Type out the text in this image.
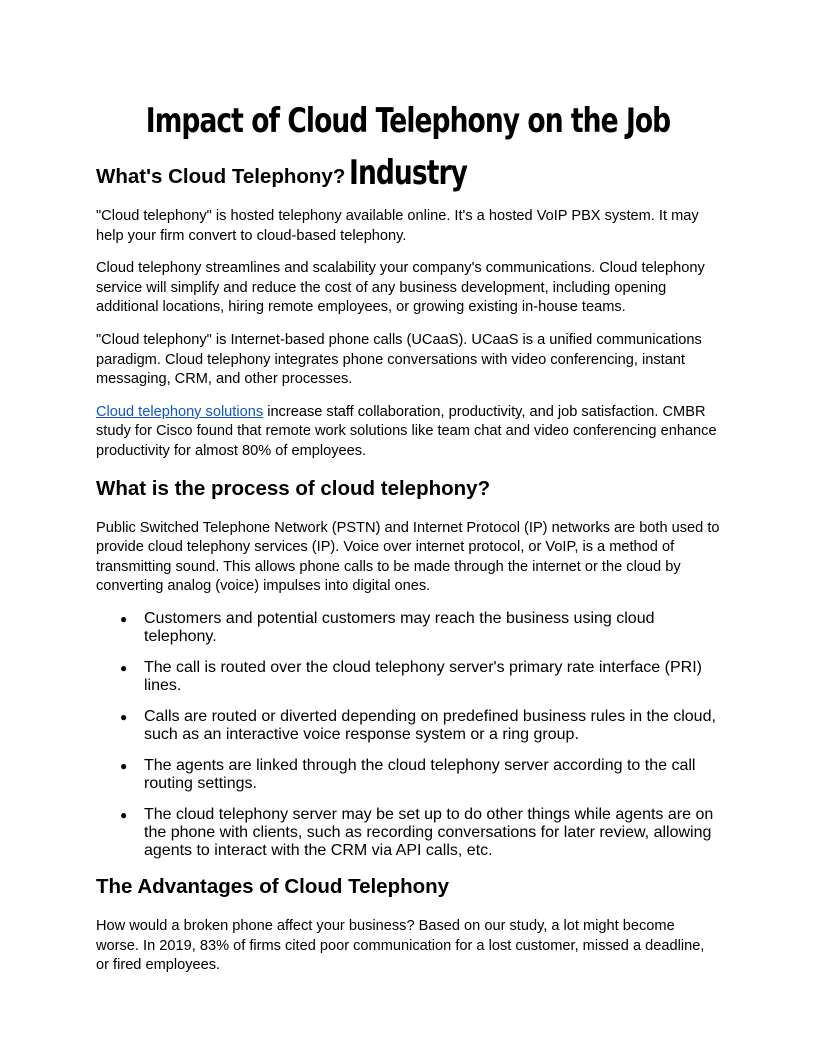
Impact of Cloud Telephony on the Job Industry
What's Cloud Telephony?

"Cloud telephony" is hosted telephony available online. It's a hosted VoIP PBX system. It may help your firm convert to cloud-based telephony.

Cloud telephony streamlines and scalability your company's communications. Cloud telephony service will simplify and reduce the cost of any business development, including opening additional locations, hiring remote employees, or growing existing in-house teams.

"Cloud telephony" is Internet-based phone calls (UCaaS). UCaaS is a unified communications paradigm. Cloud telephony integrates phone conversations with video conferencing, instant messaging, CRM, and other processes.

Cloud telephony solutions increase staff collaboration, productivity, and job satisfaction. CMBR study for Cisco found that remote work solutions like team chat and video conferencing enhance productivity for almost 80% of employees.

What is the process of cloud telephony?

Public Switched Telephone Network (PSTN) and Internet Protocol (IP) networks are both used to provide cloud telephony services (IP). Voice over internet protocol, or VoIP, is a method of transmitting sound. This allows phone calls to be made through the internet or the cloud by converting analog (voice) impulses into digital ones.

● Customers and potential customers may reach the business using cloud telephony.
● The call is routed over the cloud telephony server's primary rate interface (PRI) lines.
● Calls are routed or diverted depending on predefined business rules in the cloud, such as an interactive voice response system or a ring group.
● The agents are linked through the cloud telephony server according to the call routing settings.
● The cloud telephony server may be set up to do other things while agents are on the phone with clients, such as recording conversations for later review, allowing agents to interact with the CRM via API calls, etc.
The Advantages of Cloud Telephony

How would a broken phone affect your business? Based on our study, a lot might become worse. In 2019, 83% of firms cited poor communication for a lost customer, missed a deadline, or fired employees.
